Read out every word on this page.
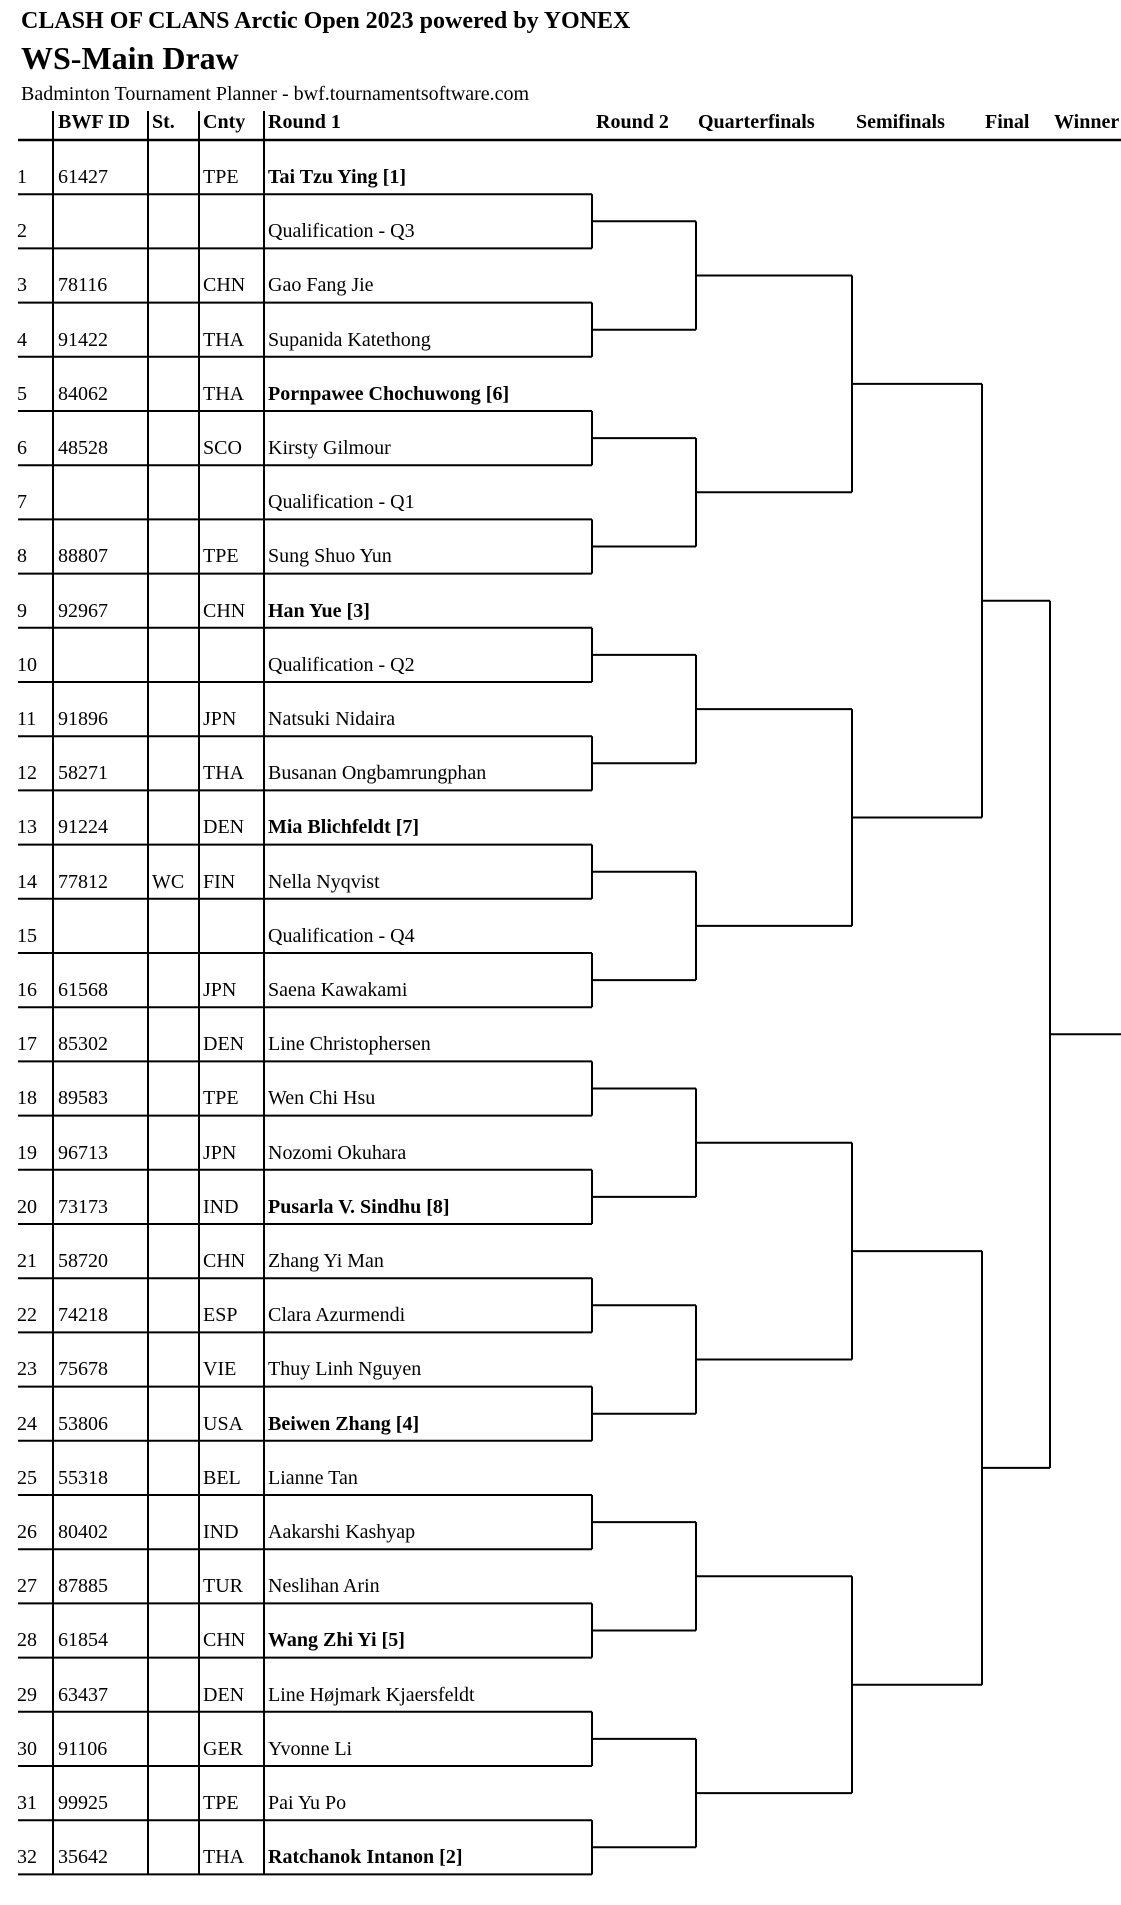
CLASH OF CLANS Arctic Open 2023 powered by YONEX
WS-Main Draw
Badminton Tournament Planner - bwf.tournamentsoftware.com
BWF ID St. Cnty Round 1	Round 2 Quarterfinals Semifinals Final Winner
1 61427	TPE Tai Tzu Ying [1]
2	Qualification - Q3
3 78116	CHN Gao Fang Jie
4 91422	THA Supanida Katethong
5 84062	THA Pornpawee Chochuwong [6]
6 48528	SCO Kirsty Gilmour
7	Qualification - Q1
8 88807	TPE Sung Shuo Yun
9 92967	CHN Han Yue [3]
10	Qualification - Q2
11 91896	JPN Natsuki Nidaira
12 58271	THA Busanan Ongbamrungphan
13 91224	DEN Mia Blichfeldt [7]
14 77812 WC FIN Nella Nyqvist
15	Qualification - Q4
16 61568	JPN Saena Kawakami
17 85302	DEN Line Christophersen
18 89583	TPE Wen Chi Hsu
19 96713	JPN Nozomi Okuhara
20 73173	IND Pusarla V. Sindhu [8]
21 58720	CHN Zhang Yi Man
22 74218	ESP Clara Azurmendi
23 75678	VIE Thuy Linh Nguyen
24 53806	USA Beiwen Zhang [4]
25 55318	BEL Lianne Tan
26 80402	IND Aakarshi Kashyap
27 87885	TUR Neslihan Arin
28 61854	CHN Wang Zhi Yi [5]
29 63437	DEN Line Højmark Kjaersfeldt
30 91106	GER Yvonne Li
31 99925	TPE Pai Yu Po
32 35642	THA Ratchanok Intanon [2]
